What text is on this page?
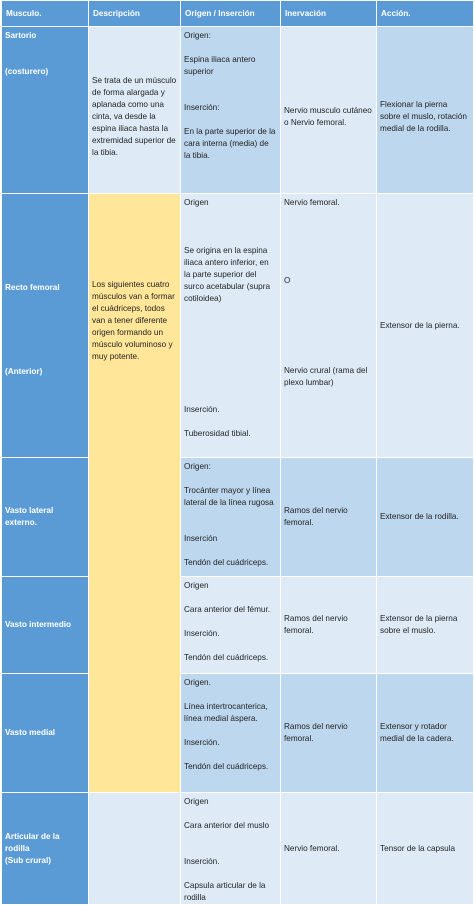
Musculo.	Descripción	Origen / Inserción	Inervación	Acción.

Sartorio
(costurero)	Se trata de un músculo de forma alargada y aplanada como una cinta, va desde la espina iliaca hasta la extremidad superior de la tibia.	Origen:
Espina iliaca antero superior
Inserción:
En la parte superior de la cara interna (media) de la tibia.	Nervio musculo cutáneo o Nervio femoral.	Flexionar la pierna sobre el muslo, rotación medial de la rodilla.

Recto femoral
(Anterior)	Los siguientes cuatro músculos van a formar el cuádriceps, todos van a tener diferente origen formando un músculo voluminoso y muy potente.	Origen
Se origina en la espina iliaca antero inferior, en la parte superior del surco acetabular (supra cotiloidea)
Inserción.
Tuberosidad tibial.	Nervio femoral.
O
Nervio crural (rama del plexo lumbar)	Extensor de la pierna.
Vasto lateral externo.		Origen:
Trocánter mayor y línea lateral de la línea rugosa
Inserción
Tendón del cuádriceps.	Ramos del nervio femoral.	Extensor de la rodilla.
Vasto intermedio		Origen
Cara anterior del fémur.
Inserción.
Tendón del cuádriceps.	Ramos del nervio femoral.	Extensor de la pierna sobre el muslo.
Vasto medial		Origen.
Línea intertrocanterica, línea medial áspera.
Inserción.
Tendón del cuádriceps.	Ramos del nervio femoral.	Extensor y rotador medial de la cadera.

Articular de la rodilla
(Sub crural)		Origen
Cara anterior del muslo
Inserción.
Capsula articular de la rodilla	Nervio femoral.	Tensor de la capsula
